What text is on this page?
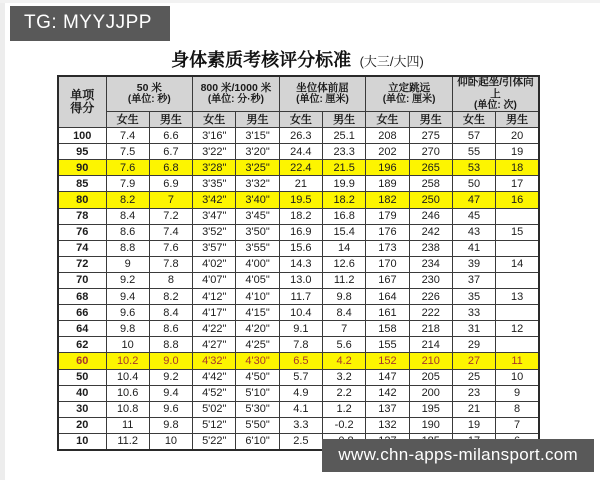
TG: MYYJJPP
身体素质考核评分标准 (大三/大四)
单项
得分	
50 米
(单位: 秒)

800 米/1000 米
(单位: 分·秒)

坐位体前屈
(单位: 厘米)

立定跳远
(单位: 厘米)

仰卧起坐/引体向上
(单位: 次)

	女生	男生	女生	男生	女生	男生	女生	男生	女生	男生
100	7.4	6.6	3'16"	3'15"	26.3	25.1	208	275	57	20
95	7.5	6.7	3'22"	3'20"	24.4	23.3	202	270	55	19
90	7.6	6.8	3'28"	3'25"	22.4	21.5	196	265	53	18
85	7.9	6.9	3'35"	3'32"	21	19.9	189	258	50	17
80	8.2	7	3'42"	3'40"	19.5	18.2	182	250	47	16
78	8.4	7.2	3'47"	3'45"	18.2	16.8	179	246	45	
76	8.6	7.4	3'52"	3'50"	16.9	15.4	176	242	43	15
74	8.8	7.6	3'57"	3'55"	15.6	14	173	238	41	
72	9	7.8	4'02"	4'00"	14.3	12.6	170	234	39	14
70	9.2	8	4'07"	4'05"	13.0	11.2	167	230	37	
68	9.4	8.2	4'12"	4'10"	11.7	9.8	164	226	35	13
66	9.6	8.4	4'17"	4'15"	10.4	8.4	161	222	33	
64	9.8	8.6	4'22"	4'20"	9.1	7	158	218	31	12
62	10	8.8	4'27"	4'25"	7.8	5.6	155	214	29	
60	10.2	9.0	4'32"	4'30"	6.5	4.2	152	210	27	11
50	10.4	9.2	4'42"	4'50"	5.7	3.2	147	205	25	10
40	10.6	9.4	4'52"	5'10"	4.9	2.2	142	200	23	9
30	10.8	9.6	5'02"	5'30"	4.1	1.2	137	195	21	8
20	11	9.8	5'12"	5'50"	3.3	-0.2	132	190	19	7
10	11.2	10	5'22"	6'10"	2.5					
www.chn-apps-milansport.com
